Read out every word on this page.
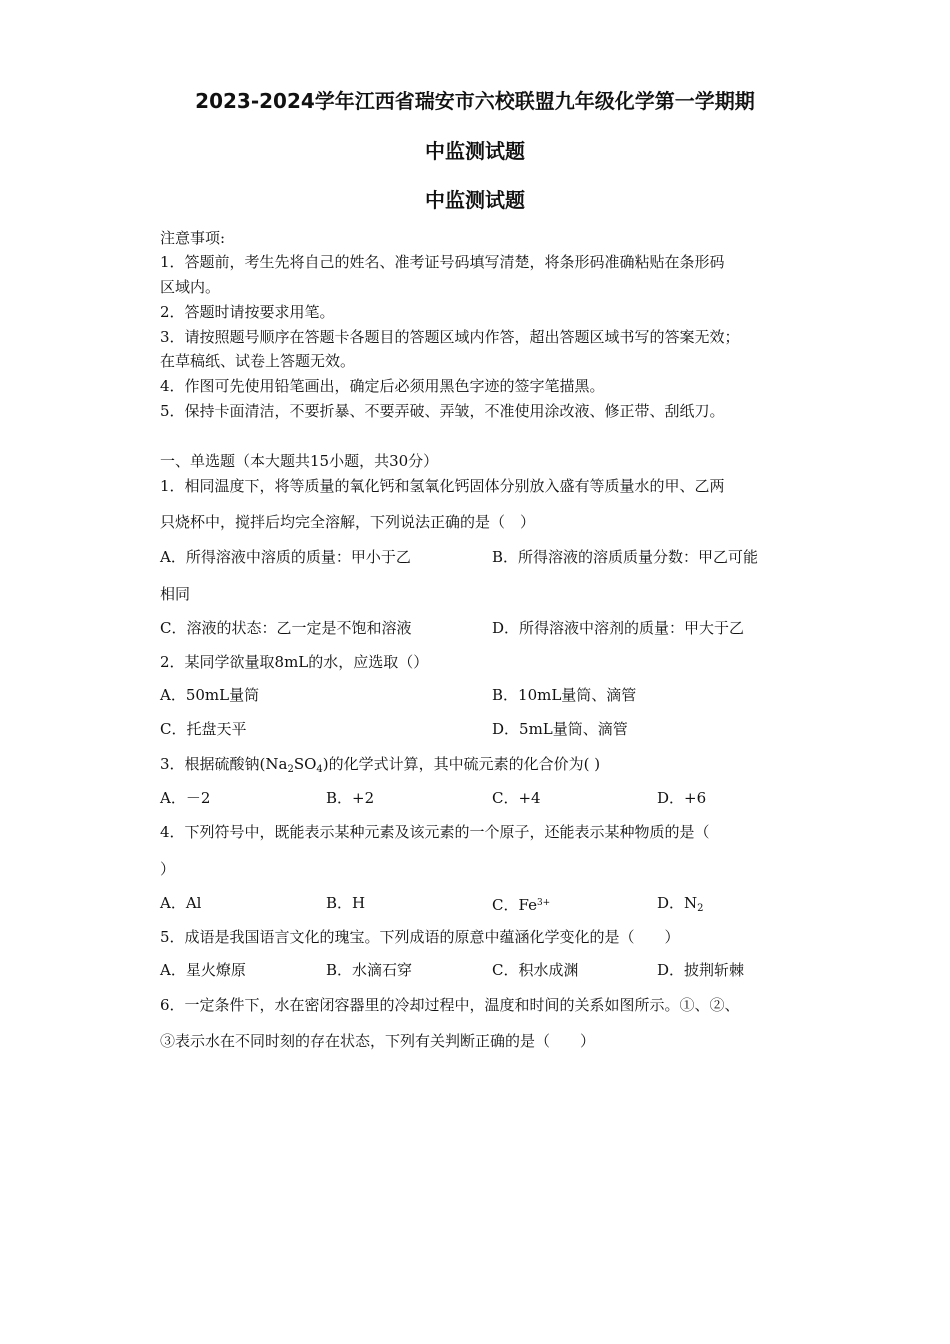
2023-2024学年江西省瑞安市六校联盟九年级化学第一学期期
中监测试题
中监测试题
注意事项:
1．答题前，考生先将自己的姓名、准考证号码填写清楚，将条形码准确粘贴在条形码
区域内。
2．答题时请按要求用笔。
3．请按照题号顺序在答题卡各题目的答题区域内作答，超出答题区域书写的答案无效；
在草稿纸、试卷上答题无效。
4．作图可先使用铅笔画出，确定后必须用黑色字迹的签字笔描黑。
5．保持卡面清洁，不要折暴、不要弄破、弄皱，不准使用涂改液、修正带、刮纸刀。
一、单选题（本大题共15小题，共30分）
1．相同温度下，将等质量的氧化钙和氢氧化钙固体分别放入盛有等质量水的甲、乙两
只烧杯中，搅拌后均完全溶解，下列说法正确的是（　）
A．所得溶液中溶质的质量：甲小于乙	B．所得溶液的溶质质量分数：甲乙可能
相同
C．溶液的状态：乙一定是不饱和溶液	D．所得溶液中溶剂的质量：甲大于乙
2．某同学欲量取8mL的水，应选取（）
A．50mL量筒	B．10mL量筒、滴管
C．托盘天平	D．5mL量筒、滴管
3．根据硫酸钠$(Na_2SO_4)$的化学式计算，其中硫元素的化合价为( )
A．－2	B．+2	C．+4	D．+6
4．下列符号中，既能表示某种元素及该元素的一个原子，还能表示某种物质的是（
）
A．Al	B．H	C．$Fe^{3+}$	D．$N_2$
5．成语是我国语言文化的瑰宝。下列成语的原意中蕴涵化学变化的是（　　）
A．星火燎原	B．水滴石穿	C．积水成渊	D．披荆斩棘
6．一定条件下，水在密闭容器里的冷却过程中，温度和时间的关系如图所示。①、②、
③表示水在不同时刻的存在状态，下列有关判断正确的是（　　）
